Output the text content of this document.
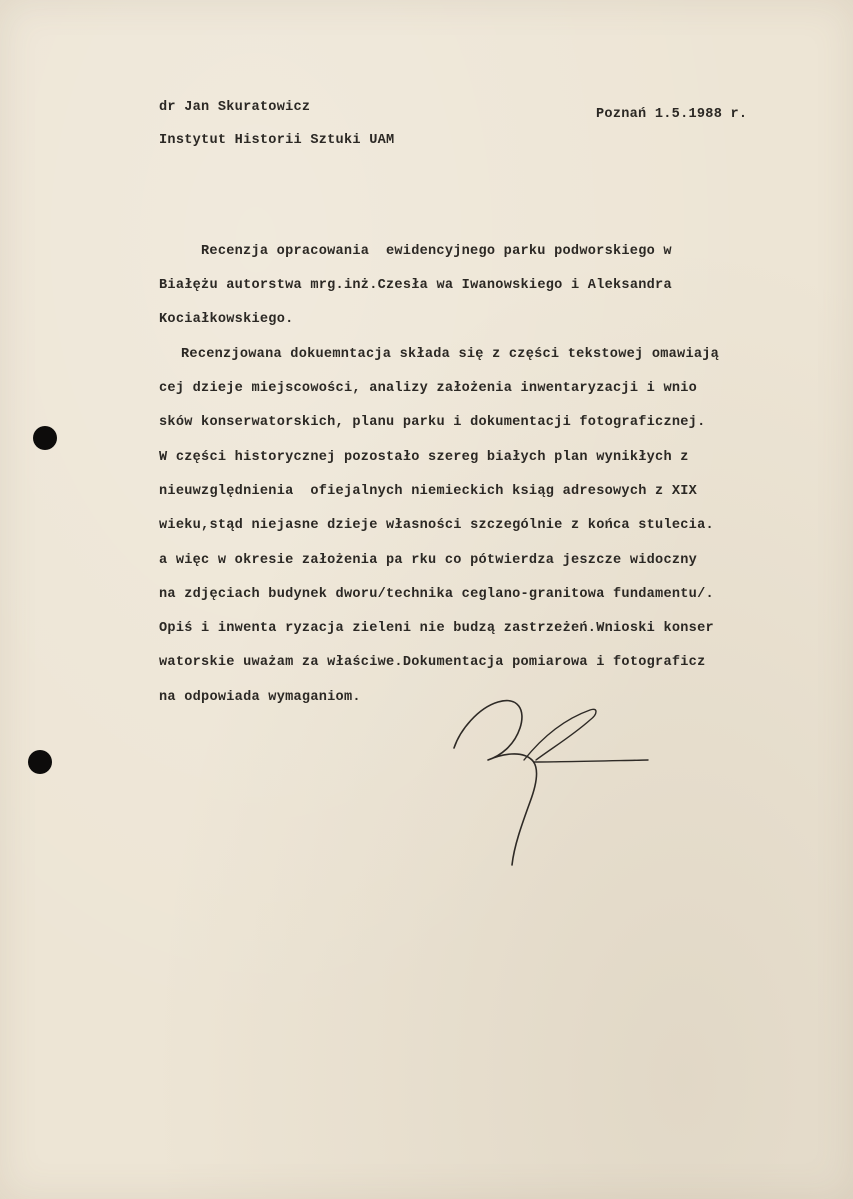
dr Jan Skuratowicz
Instytut Historii Sztuki UAM
Poznań 1.5.1988 r.
Recenzja opracowania  ewidencyjnego parku podworskiego w
Białężu autorstwa mrg.inż.Czesła wa Iwanowskiego i Aleksandra
Kociałkowskiego.
Recenzjowana dokuemntacja składa się z części tekstowej omawiają
cej dzieje miejscowości, analizy założenia inwentaryzacji i wnio
sków konserwatorskich, planu parku i dokumentacji fotograficznej.
W części historycznej pozostało szereg białych plan wynikłych z
nieuwzględnienia  ofiejalnych niemieckich ksiąg adresowych z XIX
wieku,stąd niejasne dzieje własności szczególnie z końca stulecia.
a więc w okresie założenia pa rku co pótwierdza jeszcze widoczny
na zdjęciach budynek dworu/technika ceglano-granitowa fundamentu/.
Opiś i inwenta ryzacja zieleni nie budzą zastrzeżeń.Wnioski konser
watorskie uważam za właściwe.Dokumentacja pomiarowa i fotograficz
na odpowiada wymaganiom.
